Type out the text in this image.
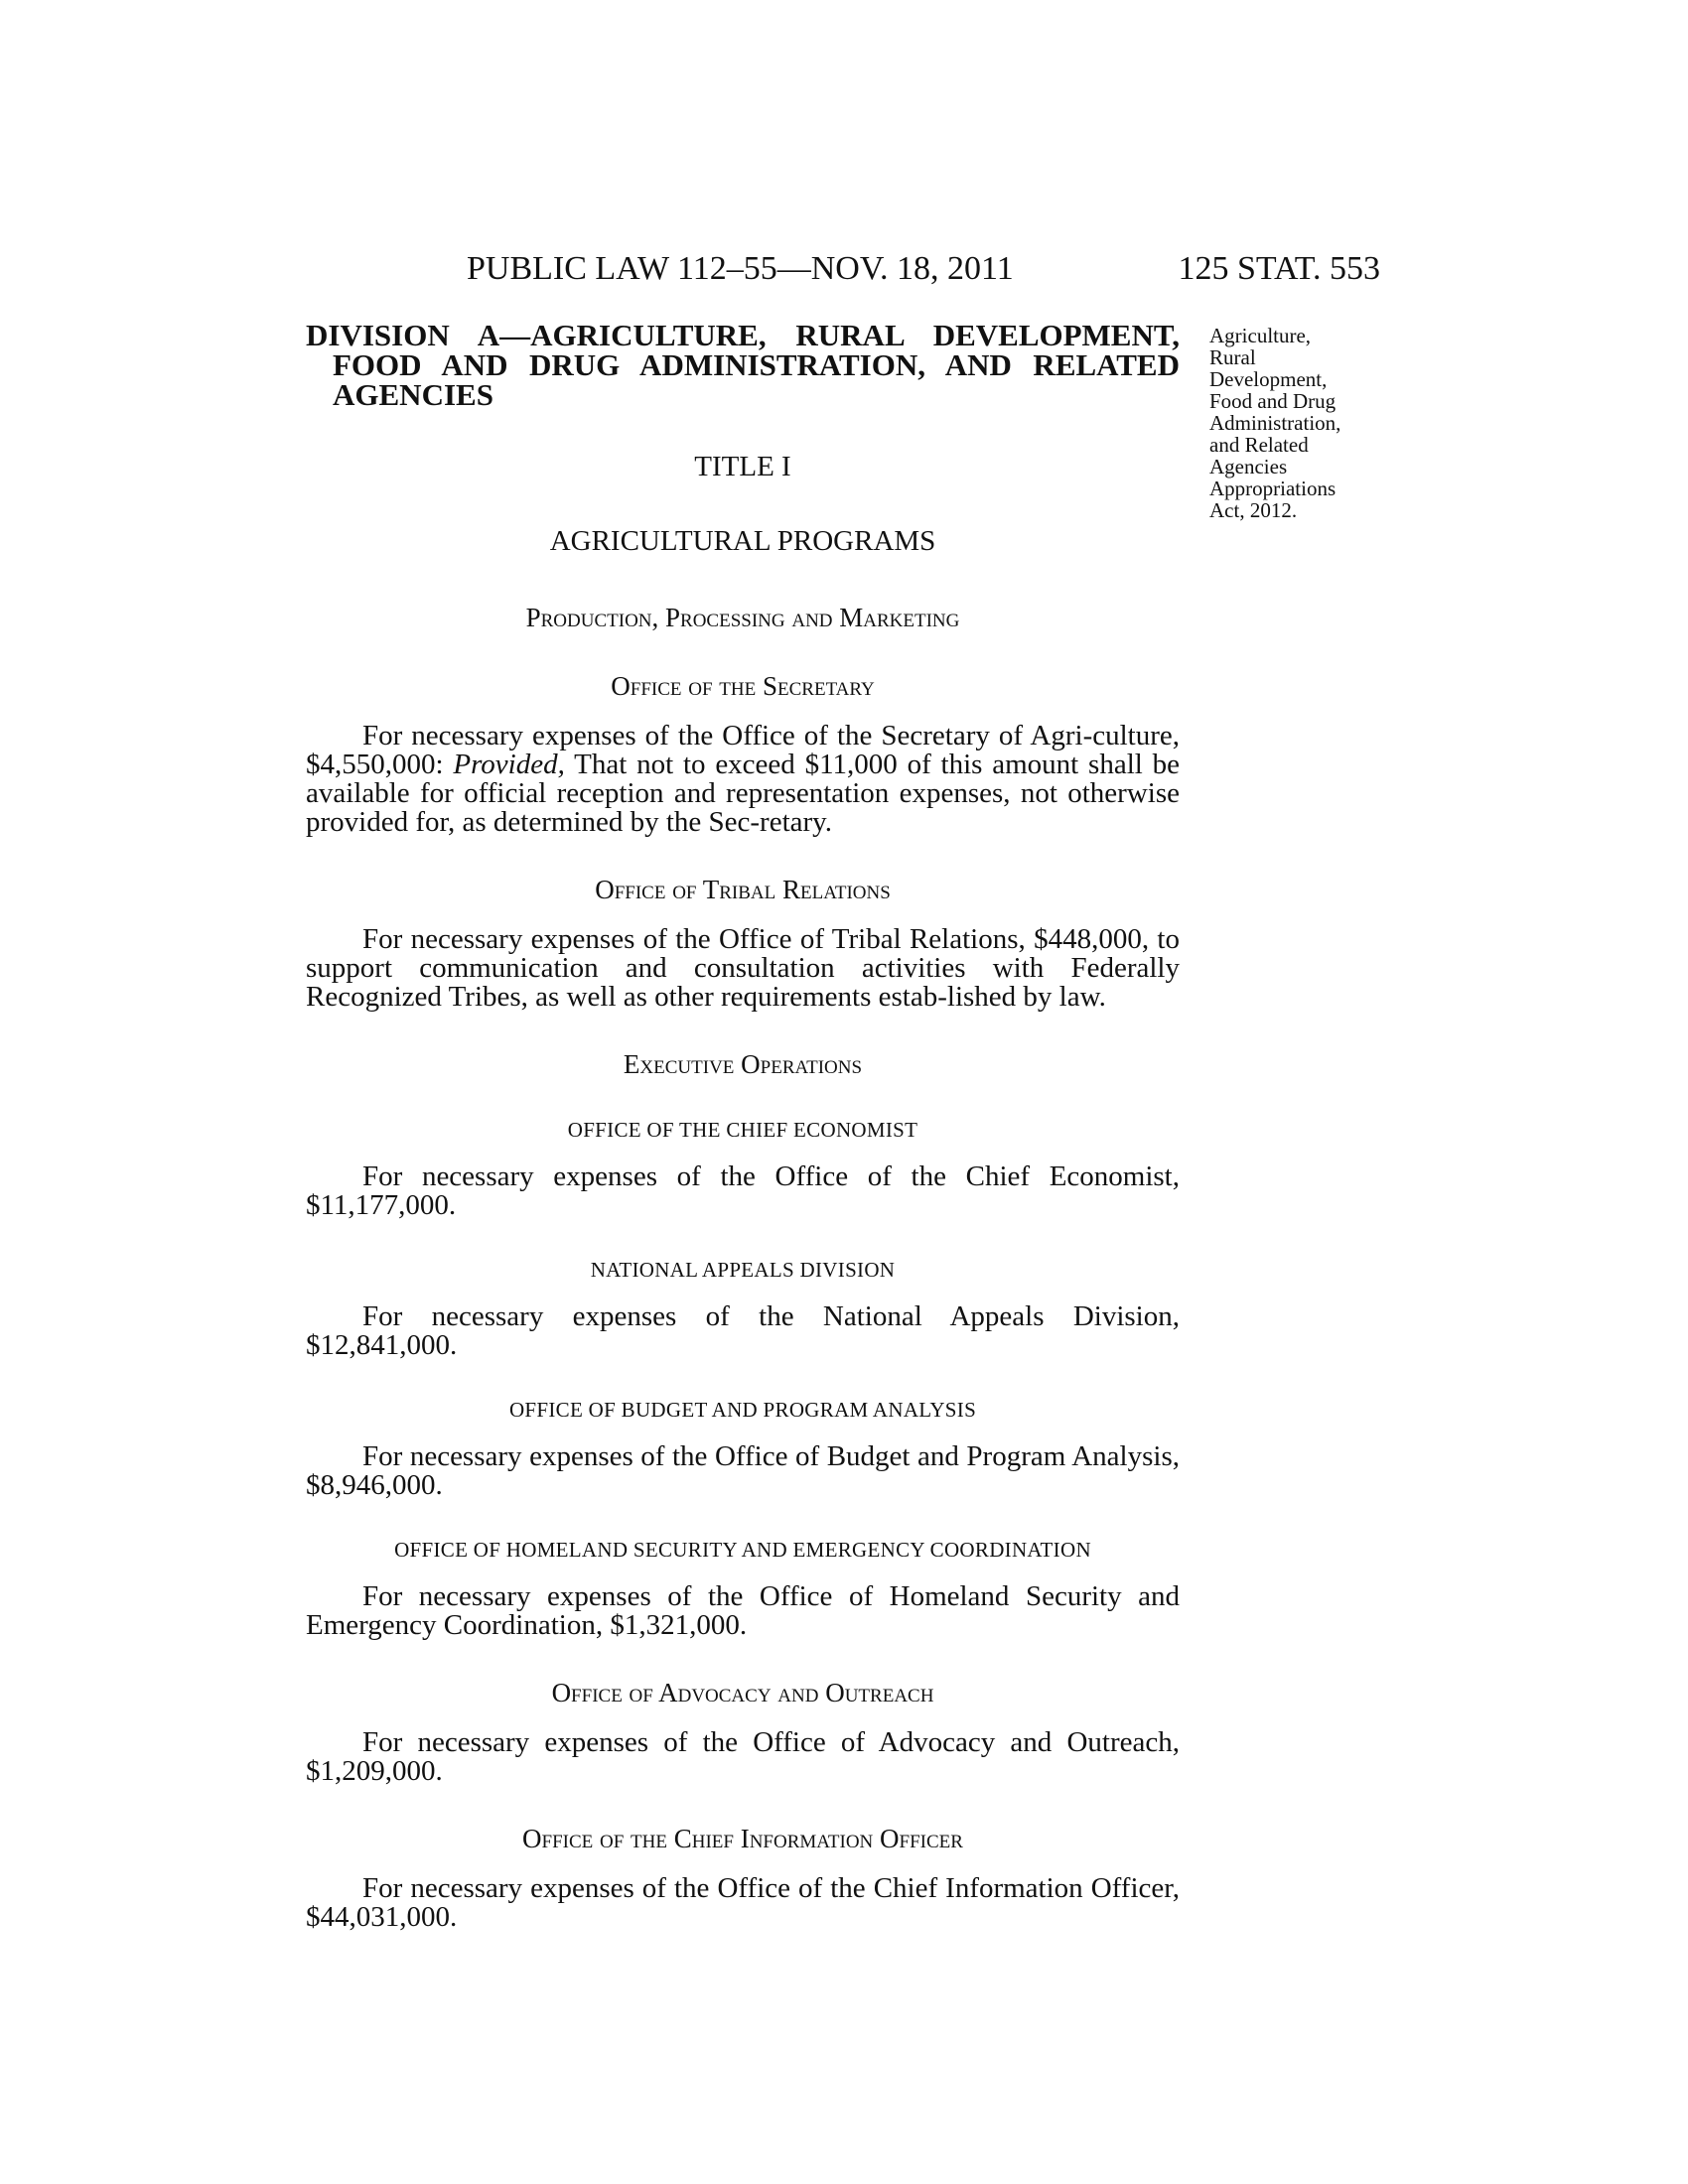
PUBLIC LAW 112–55—NOV. 18, 2011	125 STAT. 553
Agriculture,
Rural
Development,
Food and Drug
Administration,
and Related
Agencies
Appropriations
Act, 2012.

DIVISION A—AGRICULTURE, RURAL DEVELOPMENT,

FOOD AND DRUG ADMINISTRATION, AND RELATED

AGENCIES

TITLE I

AGRICULTURAL PROGRAMS

Production, Processing and Marketing

Office of the Secretary

For necessary expenses of the Office of the Secretary of Agri-culture, $4,550,000: Provided, That not to exceed $11,000 of this amount shall be available for official reception and representation expenses, not otherwise provided for, as determined by the Sec-retary.

Office of Tribal Relations

For necessary expenses of the Office of Tribal Relations, $448,000, to support communication and consultation activities with Federally Recognized Tribes, as well as other requirements estab-lished by law.

Executive Operations

OFFICE OF THE CHIEF ECONOMIST

For necessary expenses of the Office of the Chief Economist, $11,177,000.

NATIONAL APPEALS DIVISION

For necessary expenses of the National Appeals Division, $12,841,000.

OFFICE OF BUDGET AND PROGRAM ANALYSIS

For necessary expenses of the Office of Budget and Program Analysis, $8,946,000.

OFFICE OF HOMELAND SECURITY AND EMERGENCY COORDINATION

For necessary expenses of the Office of Homeland Security and Emergency Coordination, $1,321,000.

Office of Advocacy and Outreach

For necessary expenses of the Office of Advocacy and Outreach, $1,209,000.

Office of the Chief Information Officer

For necessary expenses of the Office of the Chief Information Officer, $44,031,000.
